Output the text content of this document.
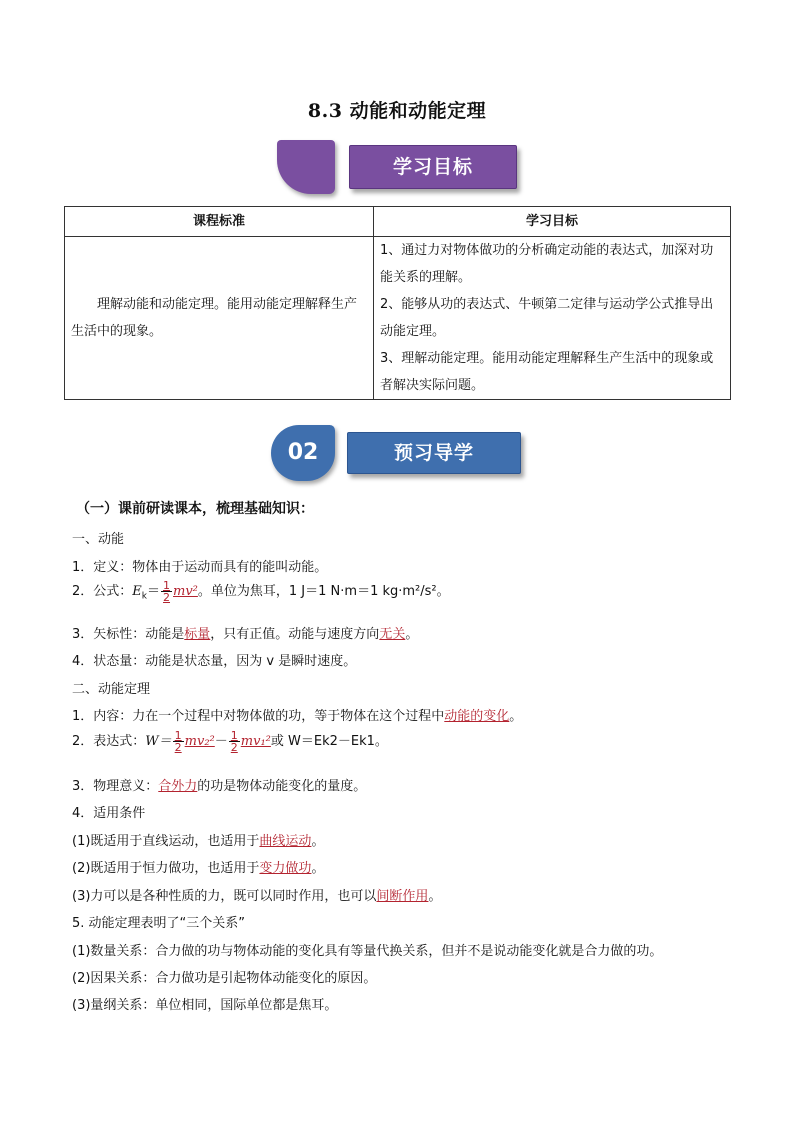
8.3 动能和动能定理
学习目标
课程标准	学习目标

理解动能和动能定理。能用动能定理解释生产生活中的现象。	1、通过力对物体做功的分析确定动能的表达式，加深对功能关系的理解。
2、能够从功的表达式、牛顿第二定律与运动学公式推导出动能定理。
3、理解动能定理。能用动能定理解释生产生活中的现象或者解决实际问题。
02	预习导学
（一）课前研读课本，梳理基础知识：
一、动能
1．定义：物体由于运动而具有的能叫动能。
2．公式：$E_k= \frac{1}{2} mv^2$。单位为焦耳，1 J＝1 N·m＝1 kg·m²/s²。
3．矢标性：动能是标量，只有正值。动能与速度方向无关。
4．状态量：动能是状态量，因为 v 是瞬时速度。
二、动能定理
1．内容：力在一个过程中对物体做的功，等于物体在这个过程中动能的变化。
2．表达式：$W= \frac{1}{2} mv_2^2- \frac{1}{2} mv_1^2$或 W＝Ek2－Ek1。
3．物理意义：合外力的功是物体动能变化的量度。
4．适用条件
(1)既适用于直线运动，也适用于曲线运动。
(2)既适用于恒力做功，也适用于变力做功。
(3)力可以是各种性质的力，既可以同时作用，也可以间断作用。
5. 动能定理表明了“三个关系”
(1)数量关系：合力做的功与物体动能的变化具有等量代换关系，但并不是说动能变化就是合力做的功。
(2)因果关系：合力做功是引起物体动能变化的原因。
(3)量纲关系：单位相同，国际单位都是焦耳。
